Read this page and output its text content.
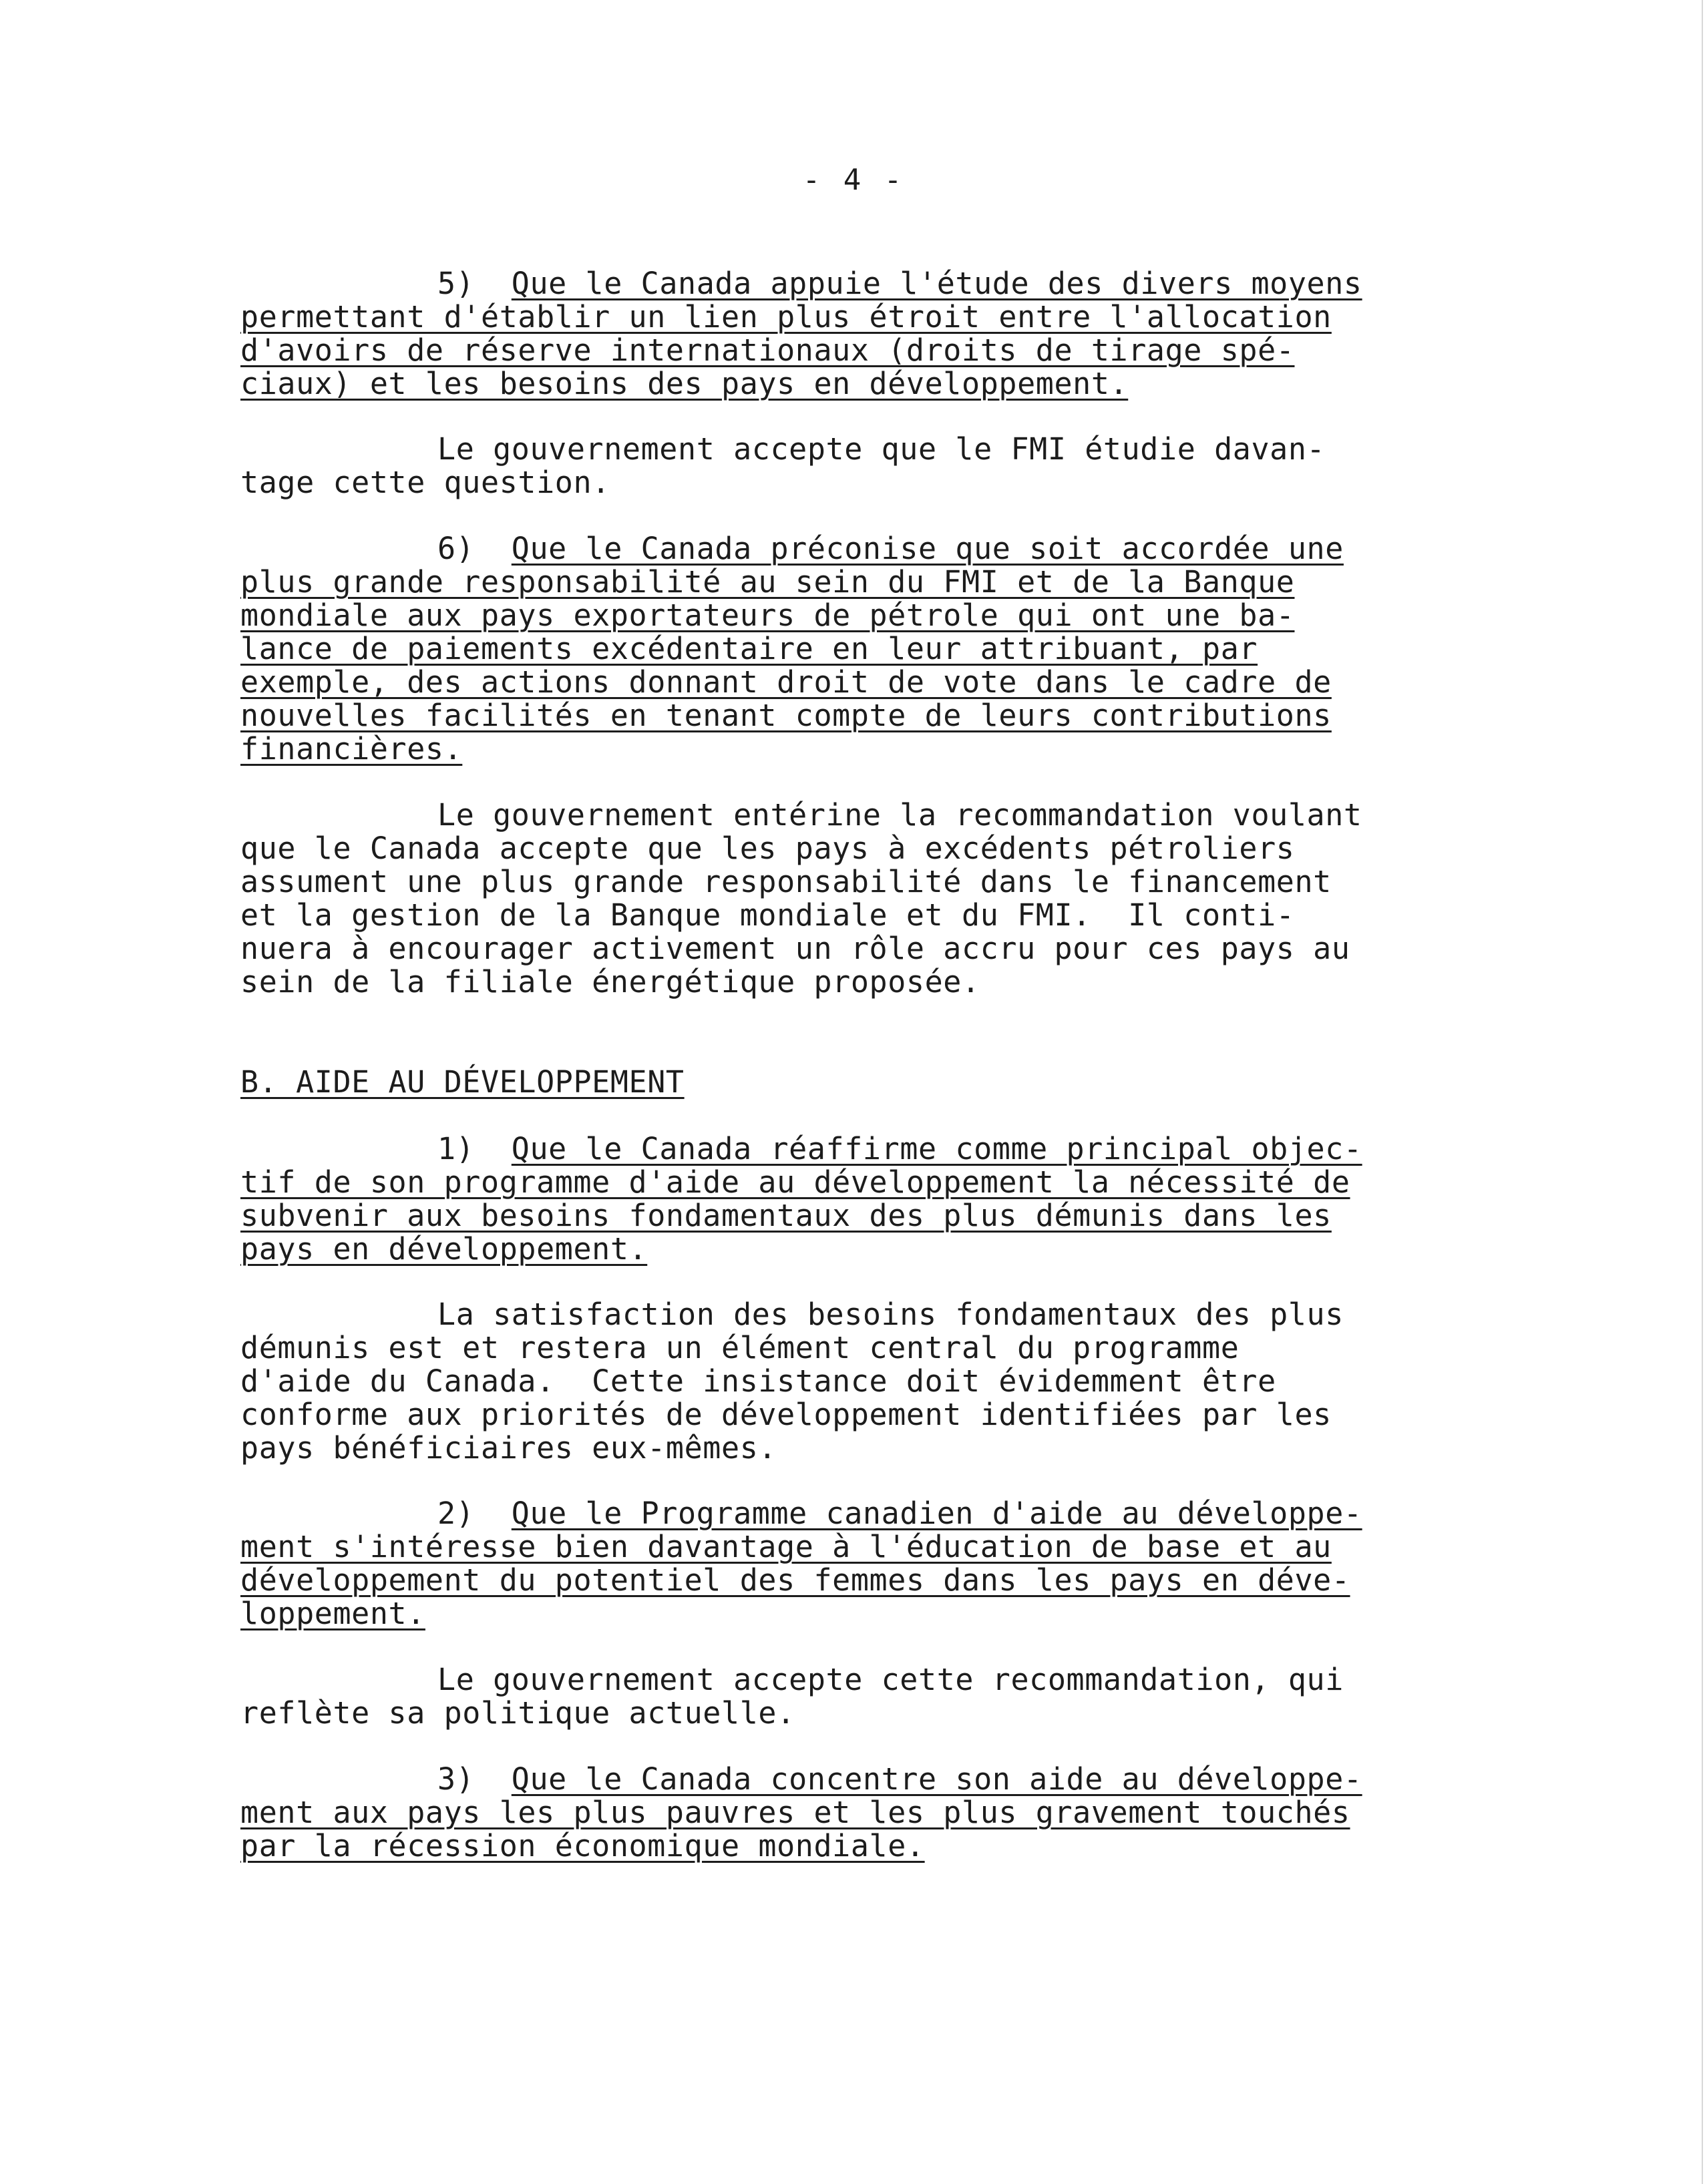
- 4 -
5) Que le Canada appuie l'étude des divers moyens
permettant d'établir un lien plus étroit entre l'allocation
d'avoirs de réserve internationaux (droits de tirage spé-
ciaux) et les besoins des pays en développement.
Le gouvernement accepte que le FMI étudie davan-
tage cette question.
6) Que le Canada préconise que soit accordée une
plus grande responsabilité au sein du FMI et de la Banque
mondiale aux pays exportateurs de pétrole qui ont une ba-
lance de paiements excédentaire en leur attribuant, par
exemple, des actions donnant droit de vote dans le cadre de
nouvelles facilités en tenant compte de leurs contributions
financières.
Le gouvernement entérine la recommandation voulant
que le Canada accepte que les pays à excédents pétroliers
assument une plus grande responsabilité dans le financement
et la gestion de la Banque mondiale et du FMI.  Il conti-
nuera à encourager activement un rôle accru pour ces pays au
sein de la filiale énergétique proposée.
B. AIDE AU DÉVELOPPEMENT
1) Que le Canada réaffirme comme principal objec-
tif de son programme d'aide au développement la nécessité de
subvenir aux besoins fondamentaux des plus démunis dans les
pays en développement.
La satisfaction des besoins fondamentaux des plus
démunis est et restera un élément central du programme
d'aide du Canada.  Cette insistance doit évidemment être
conforme aux priorités de développement identifiées par les
pays bénéficiaires eux-mêmes.
2) Que le Programme canadien d'aide au développe-
ment s'intéresse bien davantage à l'éducation de base et au
développement du potentiel des femmes dans les pays en déve-
loppement.
Le gouvernement accepte cette recommandation, qui
reflète sa politique actuelle.
3) Que le Canada concentre son aide au développe-
ment aux pays les plus pauvres et les plus gravement touchés
par la récession économique mondiale.
